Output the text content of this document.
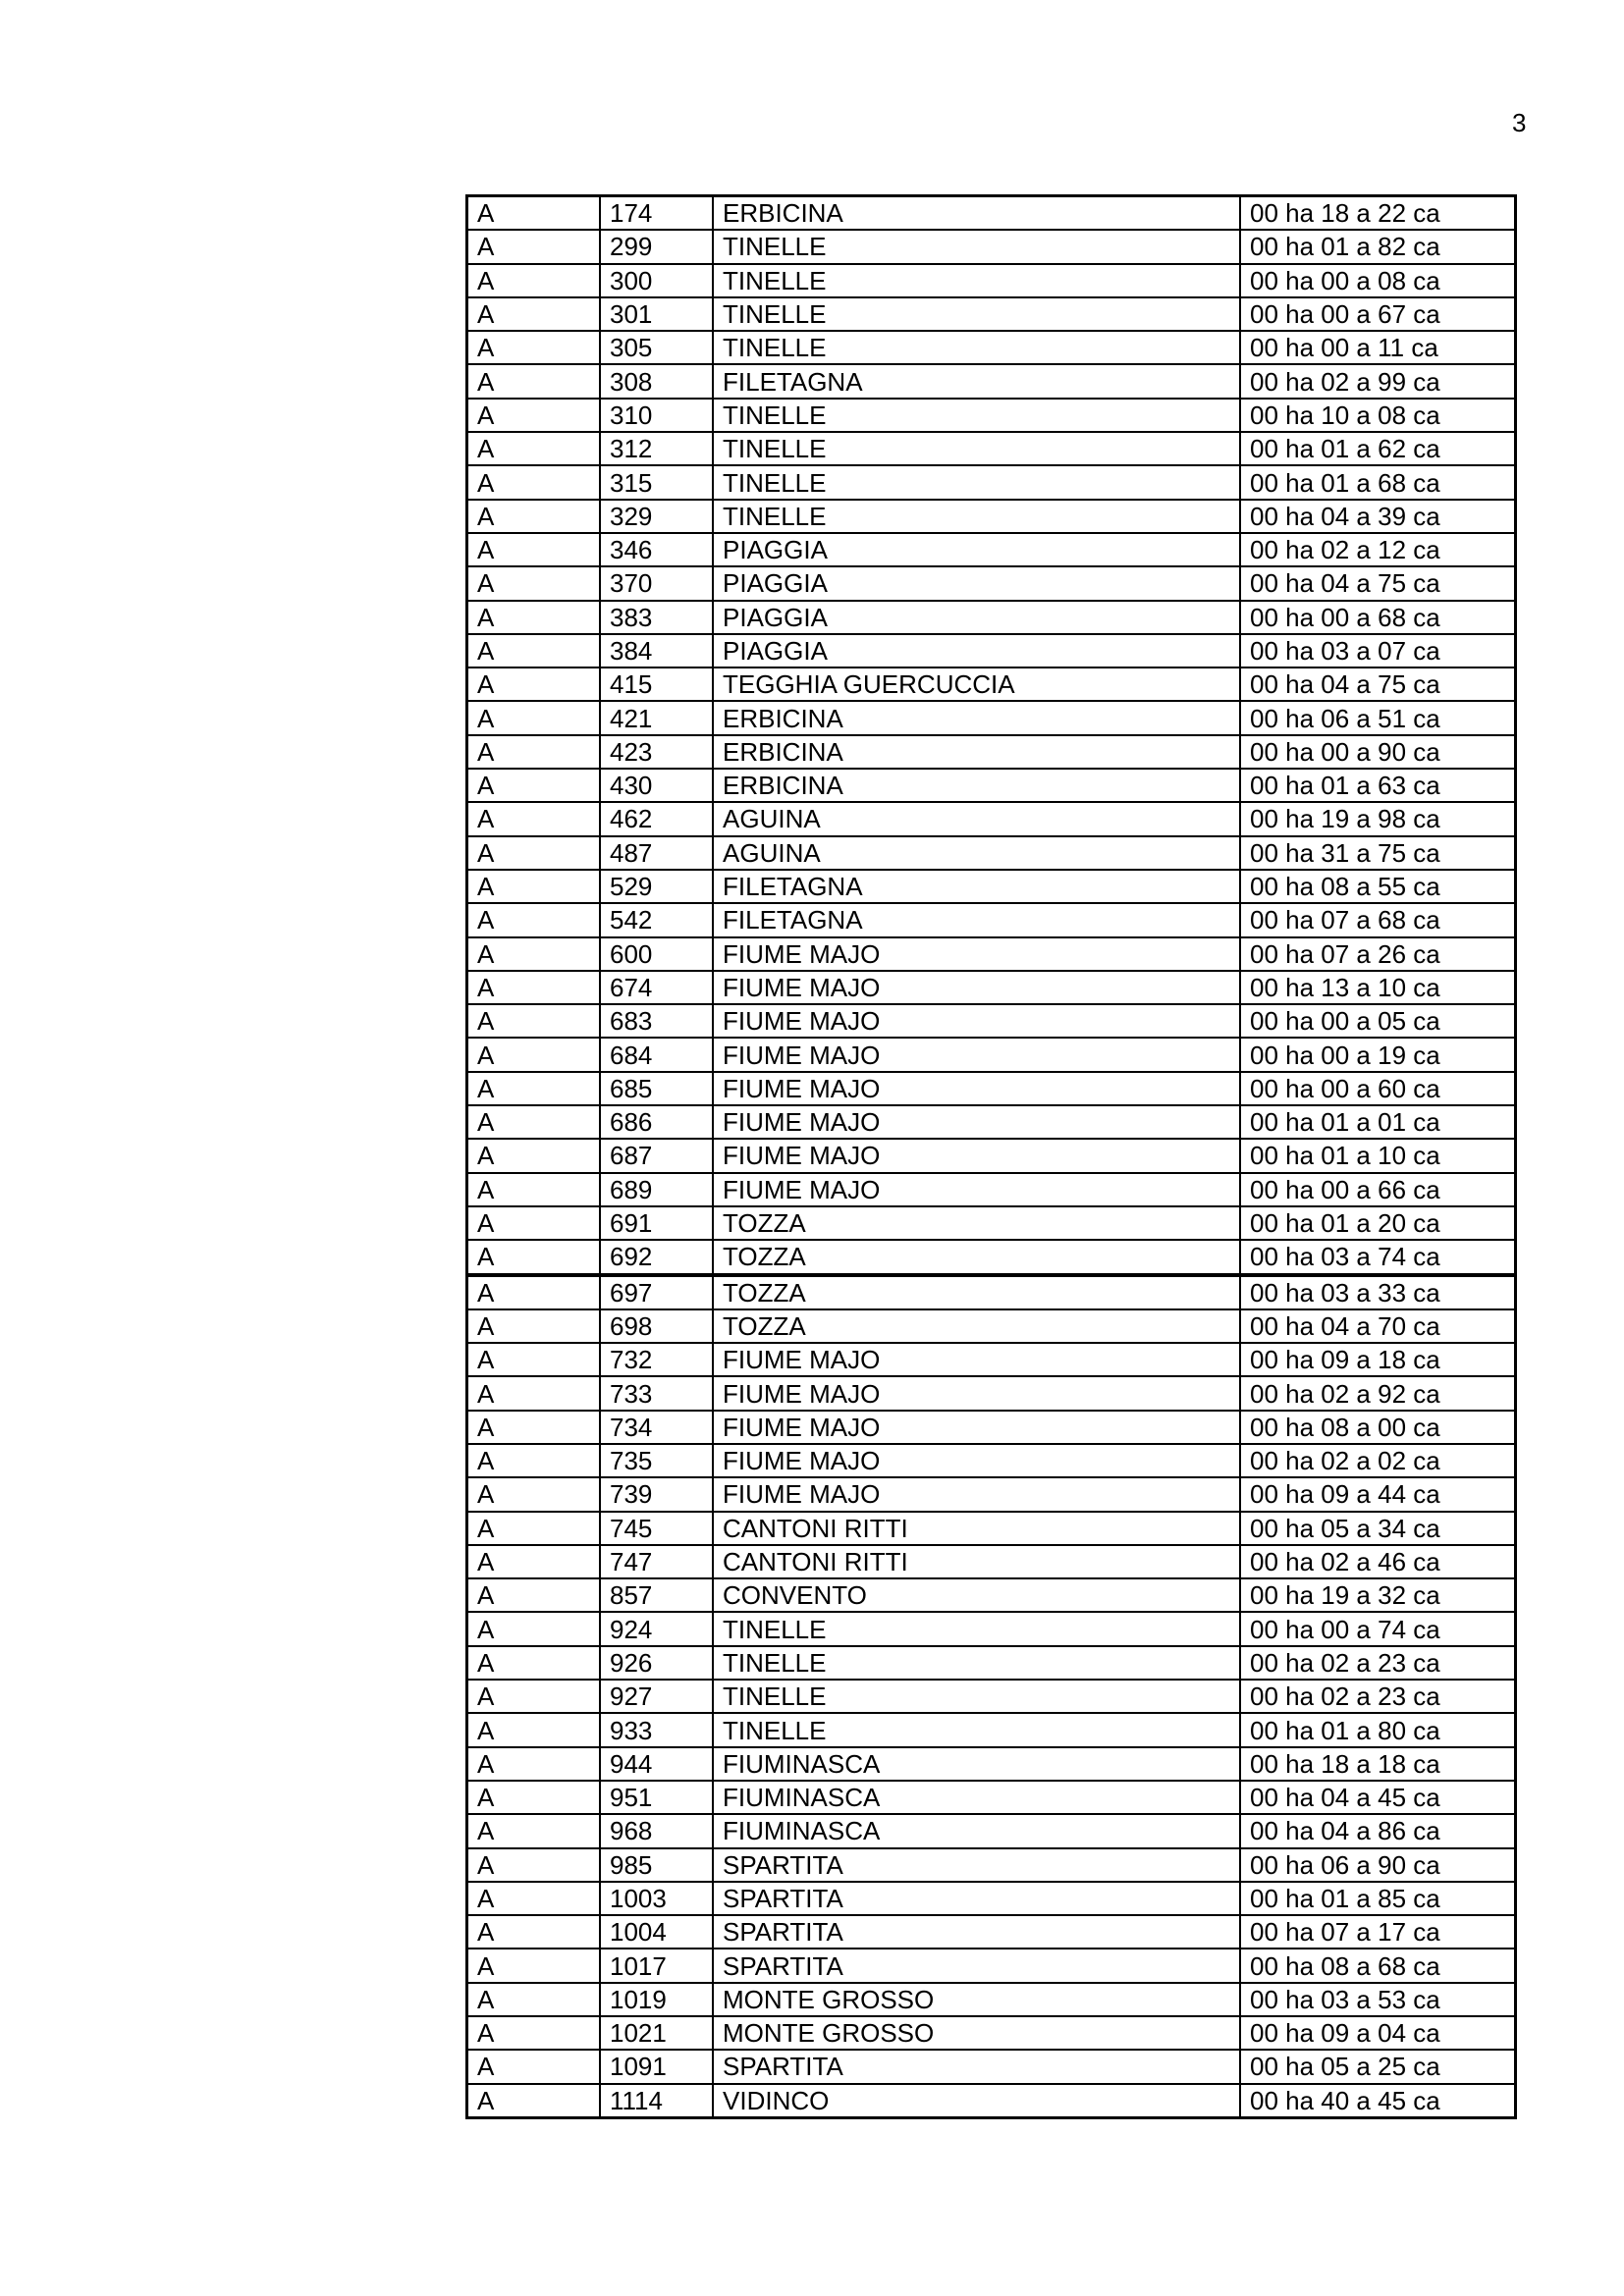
3
A	174	ERBICINA	00 ha 18 a 22 ca
A	299	TINELLE	00 ha 01 a 82 ca
A	300	TINELLE	00 ha 00 a 08 ca
A	301	TINELLE	00 ha 00 a 67 ca
A	305	TINELLE	00 ha 00 a 11 ca
A	308	FILETAGNA	00 ha 02 a 99 ca
A	310	TINELLE	00 ha 10 a 08 ca
A	312	TINELLE	00 ha 01 a 62 ca
A	315	TINELLE	00 ha 01 a 68 ca
A	329	TINELLE	00 ha 04 a 39 ca
A	346	PIAGGIA	00 ha 02 a 12 ca
A	370	PIAGGIA	00 ha 04 a 75 ca
A	383	PIAGGIA	00 ha 00 a 68 ca
A	384	PIAGGIA	00 ha 03 a 07 ca
A	415	TEGGHIA GUERCUCCIA	00 ha 04 a 75 ca
A	421	ERBICINA	00 ha 06 a 51 ca
A	423	ERBICINA	00 ha 00 a 90 ca
A	430	ERBICINA	00 ha 01 a 63 ca
A	462	AGUINA	00 ha 19 a 98 ca
A	487	AGUINA	00 ha 31 a 75 ca
A	529	FILETAGNA	00 ha 08 a 55 ca
A	542	FILETAGNA	00 ha 07 a 68 ca
A	600	FIUME MAJO	00 ha 07 a 26 ca
A	674	FIUME MAJO	00 ha 13 a 10 ca
A	683	FIUME MAJO	00 ha 00 a 05 ca
A	684	FIUME MAJO	00 ha 00 a 19 ca
A	685	FIUME MAJO	00 ha 00 a 60 ca
A	686	FIUME MAJO	00 ha 01 a 01 ca
A	687	FIUME MAJO	00 ha 01 a 10 ca
A	689	FIUME MAJO	00 ha 00 a 66 ca
A	691	TOZZA	00 ha 01 a 20 ca
A	692	TOZZA	00 ha 03 a 74 ca
A	697	TOZZA	00 ha 03 a 33 ca
A	698	TOZZA	00 ha 04 a 70 ca
A	732	FIUME MAJO	00 ha 09 a 18 ca
A	733	FIUME MAJO	00 ha 02 a 92 ca
A	734	FIUME MAJO	00 ha 08 a 00 ca
A	735	FIUME MAJO	00 ha 02 a 02 ca
A	739	FIUME MAJO	00 ha 09 a 44 ca
A	745	CANTONI RITTI	00 ha 05 a 34 ca
A	747	CANTONI RITTI	00 ha 02 a 46 ca
A	857	CONVENTO	00 ha 19 a 32 ca
A	924	TINELLE	00 ha 00 a 74 ca
A	926	TINELLE	00 ha 02 a 23 ca
A	927	TINELLE	00 ha 02 a 23 ca
A	933	TINELLE	00 ha 01 a 80 ca
A	944	FIUMINASCA	00 ha 18 a 18 ca
A	951	FIUMINASCA	00 ha 04 a 45 ca
A	968	FIUMINASCA	00 ha 04 a 86 ca
A	985	SPARTITA	00 ha 06 a 90 ca
A	1003	SPARTITA	00 ha 01 a 85 ca
A	1004	SPARTITA	00 ha 07 a 17 ca
A	1017	SPARTITA	00 ha 08 a 68 ca
A	1019	MONTE GROSSO	00 ha 03 a 53 ca
A	1021	MONTE GROSSO	00 ha 09 a 04 ca
A	1091	SPARTITA	00 ha 05 a 25 ca
A	1114	VIDINCO	00 ha 40 a 45 ca
